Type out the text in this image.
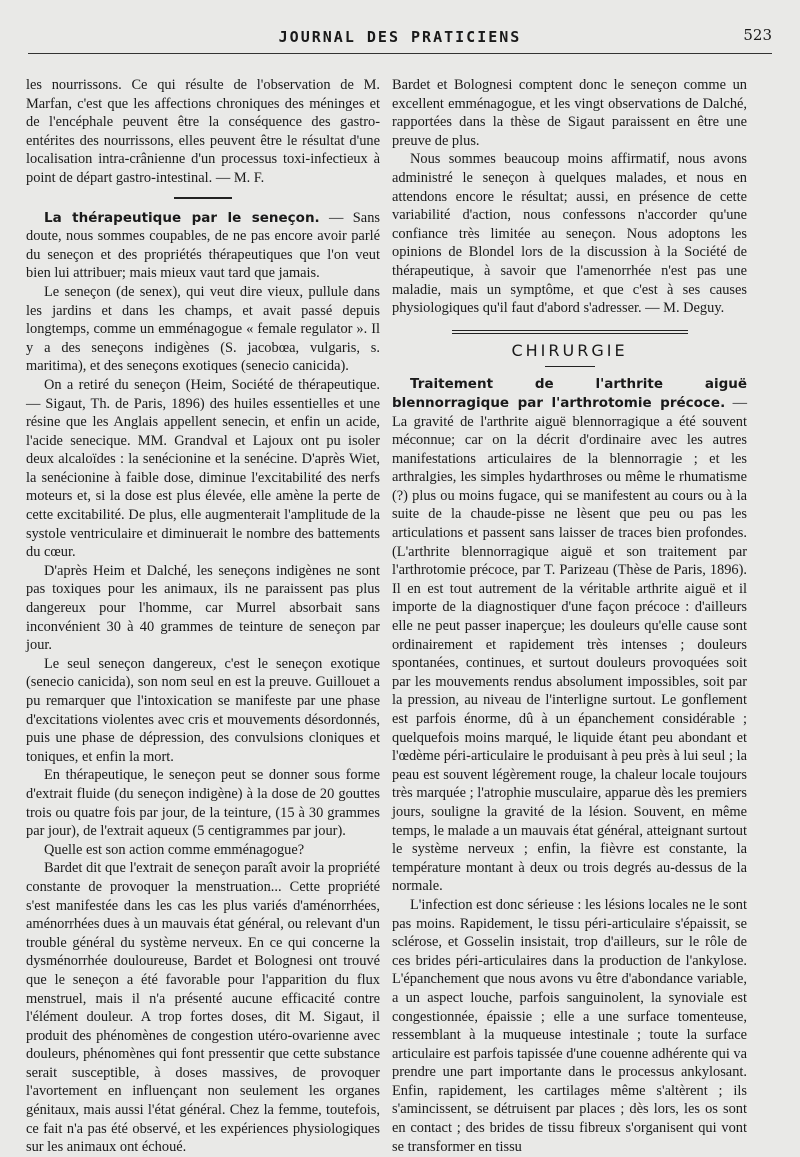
JOURNAL DES PRATICIENS	523

les nourrissons. Ce qui résulte de l'observation de M. Marfan, c'est que les affections chroniques des méninges et de l'encéphale peuvent être la conséquence des gastro-entérites des nourrissons, elles peuvent être le résultat d'une localisation intra-crânienne d'un processus toxi-infectieux à point de départ gastro-intestinal. — M. F.

La thérapeutique par le seneçon. — Sans doute, nous sommes coupables, de ne pas encore avoir parlé du seneçon et des propriétés thérapeutiques que l'on veut bien lui attribuer; mais mieux vaut tard que jamais.

Le seneçon (de senex), qui veut dire vieux, pullule dans les jardins et dans les champs, et avait passé depuis longtemps, comme un emménagogue « female regulator ». Il y a des seneçons indigènes (S. jacobœa, vulgaris, s. maritima), et des seneçons exotiques (senecio canicida).

On a retiré du seneçon (Heim, Société de thérapeutique. — Sigaut, Th. de Paris, 1896) des huiles essentielles et une résine que les Anglais appellent senecin, et enfin un acide, l'acide senecique. MM. Grandval et Lajoux ont pu isoler deux alcaloïdes : la senécionine et la senécine. D'après Wiet, la senécionine à faible dose, diminue l'excitabilité des nerfs moteurs et, si la dose est plus élevée, elle amène la perte de cette excitabilité. De plus, elle augmenterait l'amplitude de la systole ventriculaire et diminuerait le nombre des battements du cœur.

D'après Heim et Dalché, les seneçons indigènes ne sont pas toxiques pour les animaux, ils ne paraissent pas plus dangereux pour l'homme, car Murrel absorbait sans inconvénient 30 à 40 grammes de teinture de seneçon par jour.

Le seul seneçon dangereux, c'est le seneçon exotique (senecio canicida), son nom seul en est la preuve. Guillouet a pu remarquer que l'intoxication se manifeste par une phase d'excitations violentes avec cris et mouvements désordonnés, puis une phase de dépression, des convulsions cloniques et toniques, et enfin la mort.

En thérapeutique, le seneçon peut se donner sous forme d'extrait fluide (du seneçon indigène) à la dose de 20 gouttes trois ou quatre fois par jour, de la teinture, (15 à 30 grammes par jour), de l'extrait aqueux (5 centigrammes par jour).

Quelle est son action comme emménagogue?

Bardet dit que l'extrait de seneçon paraît avoir la propriété constante de provoquer la menstruation... Cette propriété s'est manifestée dans les cas les plus variés d'aménorrhées, aménorrhées dues à un mauvais état général, ou relevant d'un trouble général du système nerveux. En ce qui concerne la dysménorrhée douloureuse, Bardet et Bolognesi ont trouvé que le seneçon a été favorable pour l'apparition du flux menstruel, mais il n'a présenté aucune efficacité contre l'élément douleur. A trop fortes doses, dit M. Sigaut, il produit des phénomènes de congestion utéro-ovarienne avec douleurs, phénomènes qui font pressentir que cette substance serait susceptible, à doses massives, de provoquer l'avortement en influençant non seulement les organes génitaux, mais aussi l'état général. Chez la femme, toutefois, ce fait n'a pas été observé, et les expériences physiologiques sur les animaux ont échoué.

Bardet et Bolognesi comptent donc le seneçon comme un excellent emménagogue, et les vingt observations de Dalché, rapportées dans la thèse de Sigaut paraissent en être une preuve de plus.

Nous sommes beaucoup moins affirmatif, nous avons administré le seneçon à quelques malades, et nous en attendons encore le résultat; aussi, en présence de cette variabilité d'action, nous confessons n'accorder qu'une confiance très limitée au seneçon. Nous adoptons les opinions de Blondel lors de la discussion à la Société de thérapeutique, à savoir que l'amenorrhée n'est pas une maladie, mais un symptôme, et que c'est à ses causes physiologiques qu'il faut d'abord s'adresser. — M. Deguy.

CHIRURGIE

Traitement de l'arthrite aiguë blennorragique par l'arthrotomie précoce. — La gravité de l'arthrite aiguë blennorragique a été souvent méconnue; car on la décrit d'ordinaire avec les autres manifestations articulaires de la blennorragie ; et les arthralgies, les simples hydarthroses ou même le rhumatisme (?) plus ou moins fugace, qui se manifestent au cours ou à la suite de la chaude-pisse ne lèsent que peu ou pas les articulations et passent sans laisser de traces bien profondes. (L'arthrite blennorragique aiguë et son traitement par l'arthrotomie précoce, par T. Parizeau (Thèse de Paris, 1896). Il en est tout autrement de la véritable arthrite aiguë et il importe de la diagnostiquer d'une façon précoce : d'ailleurs elle ne peut passer inaperçue; les douleurs qu'elle cause sont ordinairement et rapidement très intenses ; douleurs spontanées, continues, et surtout douleurs provoquées soit par les mouvements rendus absolument impossibles, soit par la pression, au niveau de l'interligne surtout. Le gonflement est parfois énorme, dû à un épanchement considérable ; quelquefois moins marqué, le liquide étant peu abondant et l'œdème péri-articulaire le produisant à peu près à lui seul ; la peau est souvent légèrement rouge, la chaleur locale toujours très marquée ; l'atrophie musculaire, apparue dès les premiers jours, souligne la gravité de la lésion. Souvent, en même temps, le malade a un mauvais état général, atteignant surtout le système nerveux ; enfin, la fièvre est constante, la température montant à deux ou trois degrés au-dessus de la normale.

L'infection est donc sérieuse : les lésions locales ne le sont pas moins. Rapidement, le tissu péri-articulaire s'épaissit, se sclérose, et Gosselin insistait, trop d'ailleurs, sur le rôle de ces brides péri-articulaires dans la production de l'ankylose. L'épanchement que nous avons vu être d'abondance variable, a un aspect louche, parfois sanguinolent, la synoviale est congestionnée, épaissie ; elle a une surface tomenteuse, ressemblant à la muqueuse intestinale ; toute la surface articulaire est parfois tapissée d'une couenne adhérente qui va prendre une part importante dans le processus ankylosant. Enfin, rapidement, les cartilages même s'altèrent ; ils s'amincissent, se détruisent par places ; dès lors, les os sont en contact ; des brides de tissu fibreux s'organisent qui vont se transformer en tissu
